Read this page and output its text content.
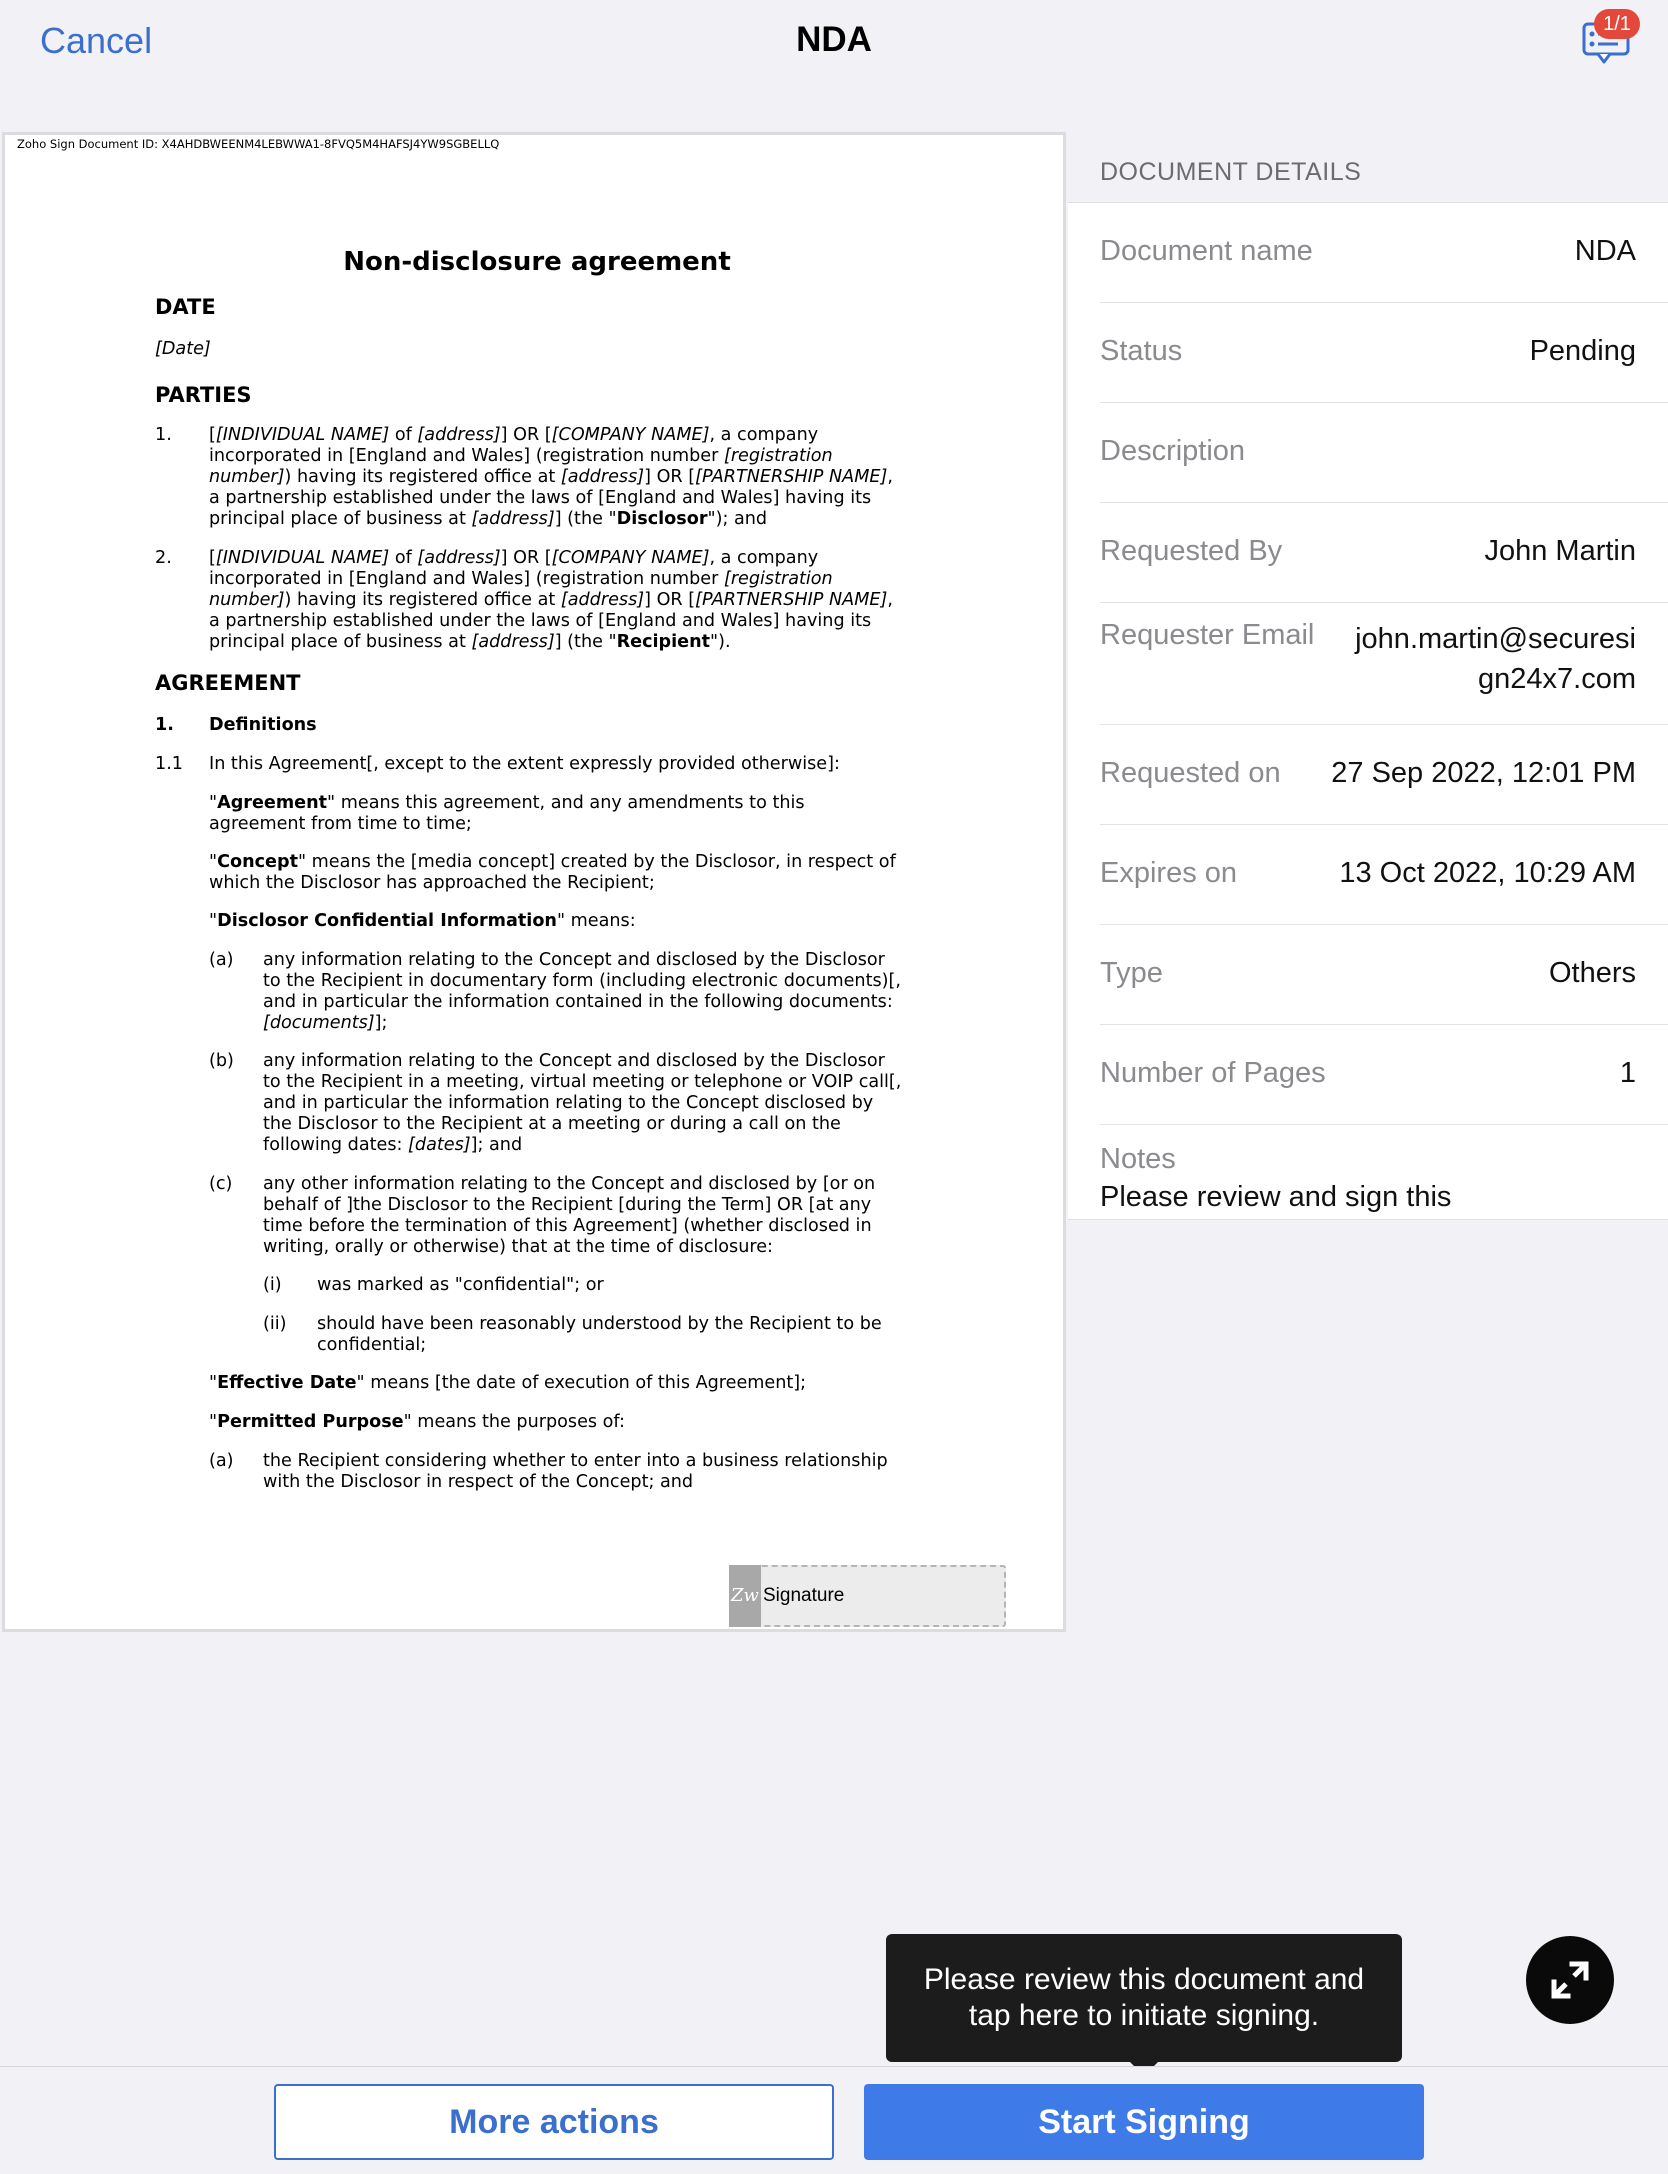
Cancel	NDA	1/1
Zoho Sign Document ID: X4AHDBWEENM4LEBWWA1-8FVQ5M4HAFSJ4YW9SGBELLQ
Non-disclosure agreement
DATE
[Date]
PARTIES
1. [[INDIVIDUAL NAME] of [address]] OR [[COMPANY NAME], a company
incorporated in [England and Wales] (registration number [registration
number]) having its registered office at [address]] OR [[PARTNERSHIP NAME],
a partnership established under the laws of [England and Wales] having its
principal place of business at [address]] (the "Disclosor"); and
2. [[INDIVIDUAL NAME] of [address]] OR [[COMPANY NAME], a company
incorporated in [England and Wales] (registration number [registration
number]) having its registered office at [address]] OR [[PARTNERSHIP NAME],
a partnership established under the laws of [England and Wales] having its
principal place of business at [address]] (the "Recipient").
AGREEMENT
1. Definitions
1.1 In this Agreement[, except to the extent expressly provided otherwise]:
"Agreement" means this agreement, and any amendments to this
agreement from time to time;
"Concept" means the [media concept] created by the Disclosor, in respect of
which the Disclosor has approached the Recipient;
"Disclosor Confidential Information" means:
(a) any information relating to the Concept and disclosed by the Disclosor
to the Recipient in documentary form (including electronic documents)[,
and in particular the information contained in the following documents:
[documents]];
(b) any information relating to the Concept and disclosed by the Disclosor
to the Recipient in a meeting, virtual meeting or telephone or VOIP call[,
and in particular the information relating to the Concept disclosed by
the Disclosor to the Recipient at a meeting or during a call on the
following dates: [dates]]; and
(c) any other information relating to the Concept and disclosed by [or on
behalf of ]the Disclosor to the Recipient [during the Term] OR [at any
time before the termination of this Agreement] (whether disclosed in
writing, orally or otherwise) that at the time of disclosure:
(i) was marked as "confidential"; or
(ii) should have been reasonably understood by the Recipient to be
confidential;
"Effective Date" means [the date of execution of this Agreement];
"Permitted Purpose" means the purposes of:
(a) the Recipient considering whether to enter into a business relationship
with the Disclosor in respect of the Concept; and
Zw Signature
DOCUMENT DETAILS
Document name	NDA
Status	Pending
Description
Requested By	John Martin
Requester Email john.martin@securesi
gn24x7.com
Requested on 27 Sep 2022, 12:01 PM
Expires on	13 Oct 2022, 10:29 AM
Type	Others
Number of Pages	1
Notes
Please review and sign this
Please review this document and
tap here to initiate signing.
More actions	Start Signing
